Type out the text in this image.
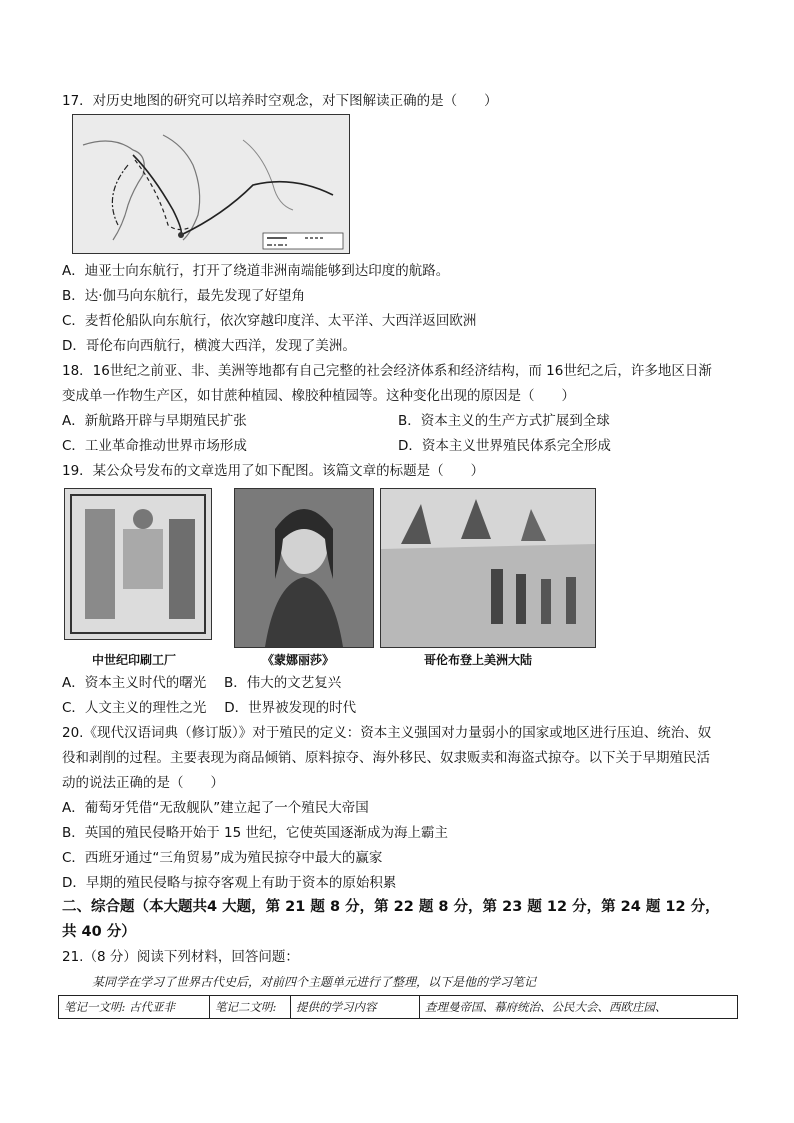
17．对历史地图的研究可以培养时空观念，对下图解读正确的是（　　）
A．迪亚士向东航行，打开了绕道非洲南端能够到达印度的航路。
B．达·伽马向东航行，最先发现了好望角
C．麦哲伦船队向东航行，依次穿越印度洋、太平洋、大西洋返回欧洲
D．哥伦布向西航行，横渡大西洋，发现了美洲。
18．16世纪之前亚、非、美洲等地都有自己完整的社会经济体系和经济结构，而 16世纪之后，许多地区日渐
变成单一作物生产区，如甘蔗种植园、橡胶种植园等。这种变化出现的原因是（　　）
A．新航路开辟与早期殖民扩张	B．资本主义的生产方式扩展到全球
C．工业革命推动世界市场形成	D．资本主义世界殖民体系完全形成
19．某公众号发布的文章选用了如下配图。该篇文章的标题是（　　）
中世纪印刷工厂	《蒙娜丽莎》	哥伦布登上美洲大陆
A．资本主义时代的曙光　 B．伟大的文艺复兴
C．人文主义的理性之光　 D．世界被发现的时代
20.《现代汉语词典（修订版）》对于殖民的定义：资本主义强国对力量弱小的国家或地区进行压迫、统治、奴
役和剥削的过程。主要表现为商品倾销、原料掠夺、海外移民、奴隶贩卖和海盗式掠夺。以下关于早期殖民活
动的说法正确的是（　　）
A．葡萄牙凭借“无敌舰队”建立起了一个殖民大帝国
B．英国的殖民侵略开始于 15 世纪，它使英国逐渐成为海上霸主
C．西班牙通过“三角贸易”成为殖民掠夺中最大的赢家
D．早期的殖民侵略与掠夺客观上有助于资本的原始积累
二、综合题（本大题共4 大题，第 21 题 8 分，第 22 题 8 分，第 23 题 12 分，第 24 题 12 分，
共 40 分）
21.（8 分）阅读下列材料，回答问题：
某同学在学习了世界古代史后，对前四个主题单元进行了整理，以下是他的学习笔记
笔记一文明: 古代亚非	笔记二文明:	提供的学习内容	查理曼帝国、幕府统治、公民大会、西欧庄园、
